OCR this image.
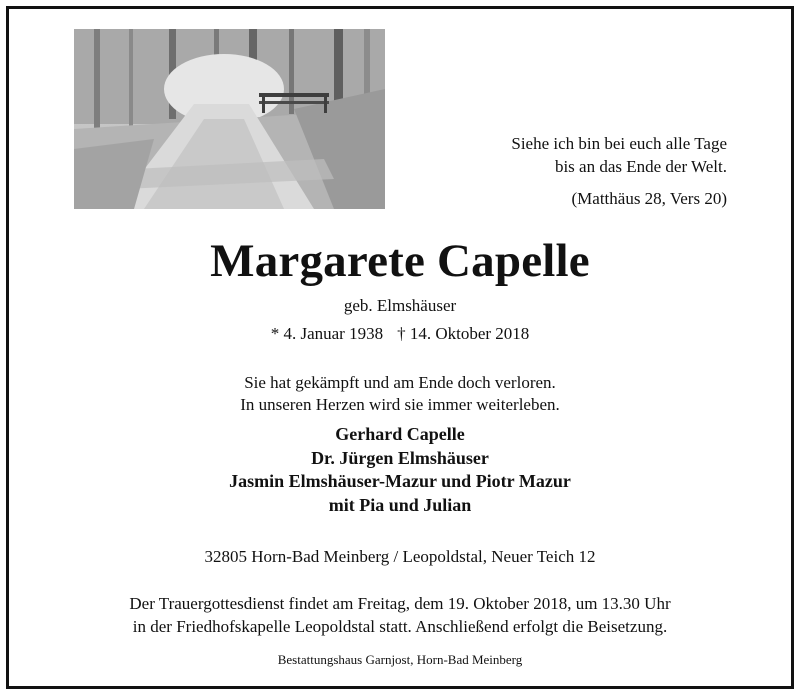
Siehe ich bin bei euch alle Tage
bis an das Ende der Welt.
(Matthäus 28, Vers 20)
Margarete Capelle
geb. Elmshäuser
* 4. Januar 1938 † 14. Oktober 2018
Sie hat gekämpft und am Ende doch verloren.
In unseren Herzen wird sie immer weiterleben.
Gerhard Capelle
Dr. Jürgen Elmshäuser
Jasmin Elmshäuser-Mazur und Piotr Mazur
mit Pia und Julian
32805 Horn-Bad Meinberg / Leopoldstal, Neuer Teich 12
Der Trauergottesdienst findet am Freitag, dem 19. Oktober 2018, um 13.30 Uhr
in der Friedhofskapelle Leopoldstal statt. Anschließend erfolgt die Beisetzung.
Bestattungshaus Garnjost, Horn-Bad Meinberg
